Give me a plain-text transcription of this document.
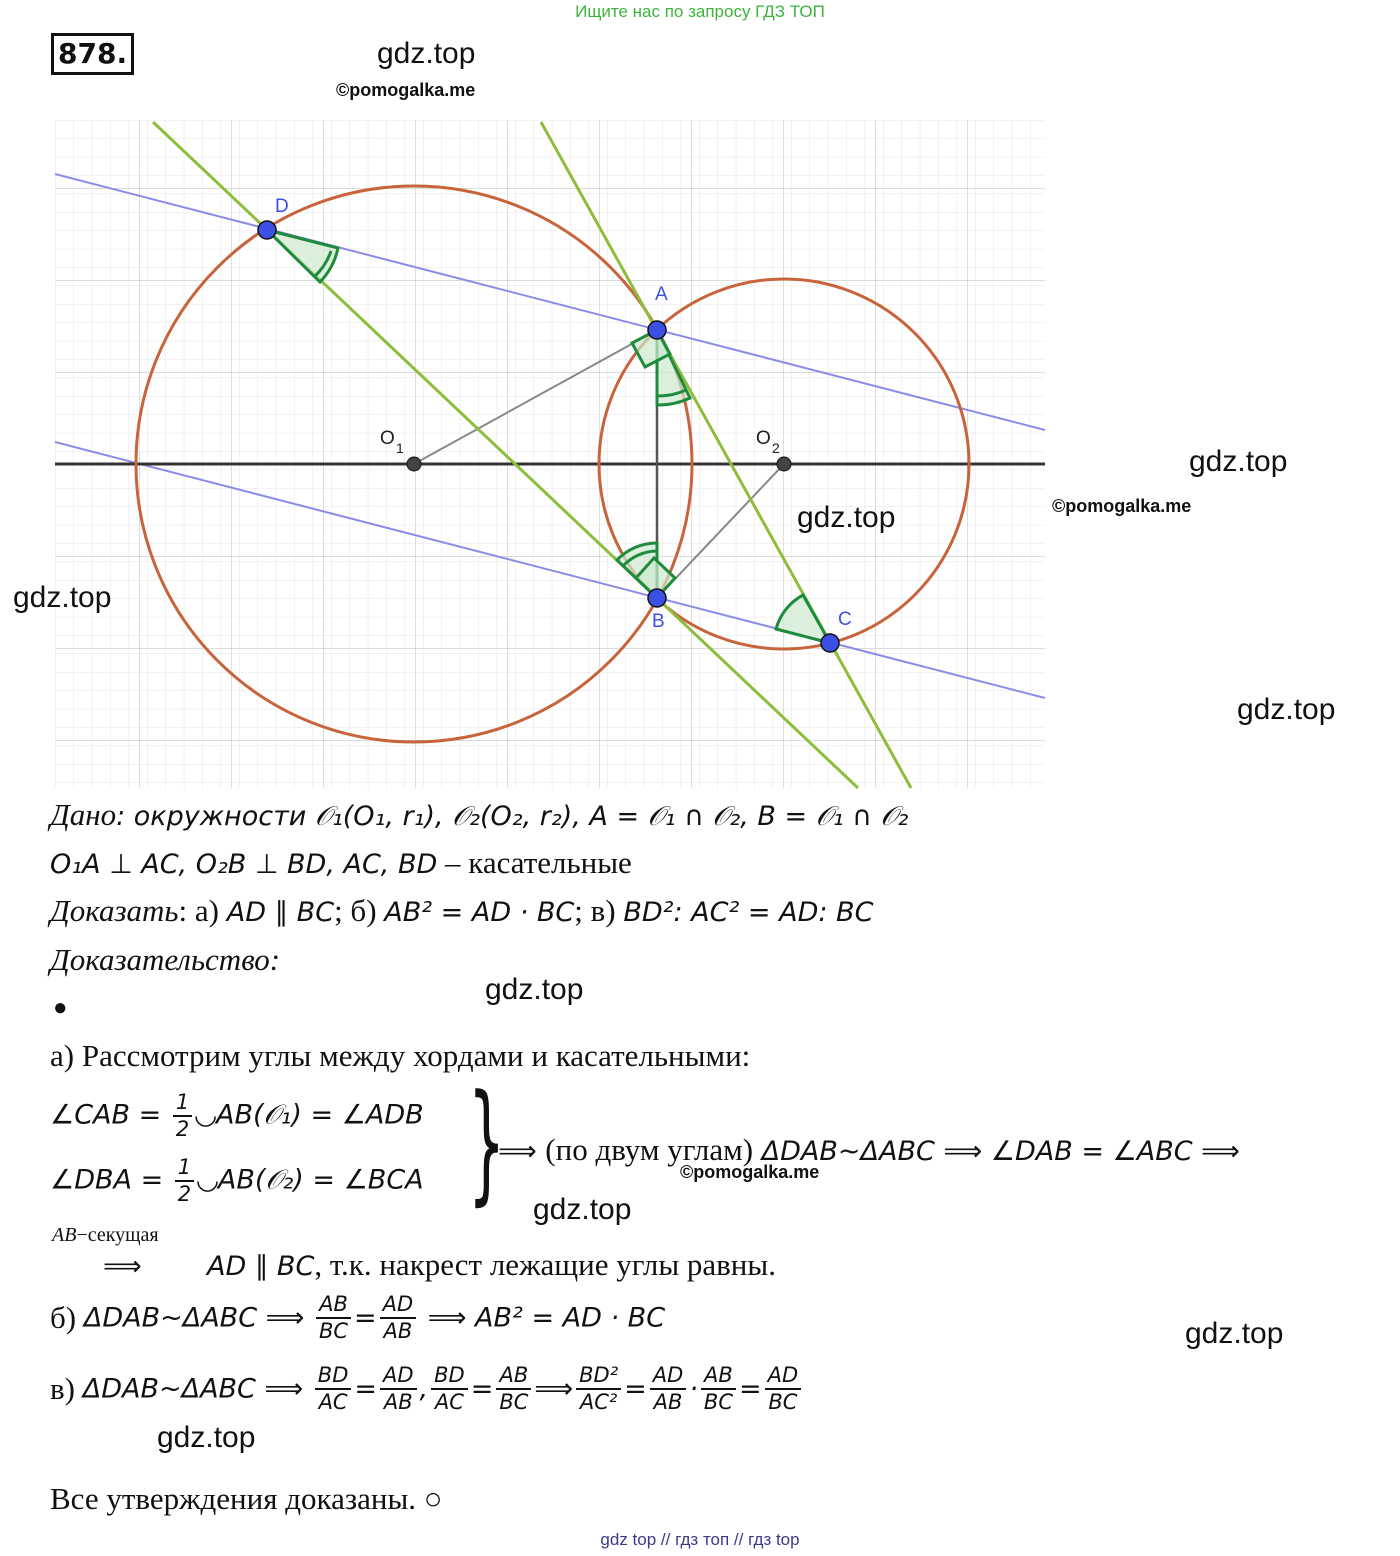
Ищите нас по запросу ГДЗ ТОП
878.	gdz.top
©pomogalka.me
D
A
B	C
O 1	O 2	gdz.top
©pomogalka.me
gdz.top
gdz.top
gdz.top
Дано: окружности 𝒪₁(O₁, r₁), 𝒪₂(O₂, r₂), A = 𝒪₁ ∩ 𝒪₂, B = 𝒪₁ ∩ 𝒪₂
O₁A ⊥ AC, O₂B ⊥ BD, AC, BD – касательные
Доказать: а) AD ∥ BC; б) AB² = AD · BC; в) BD²: AC² = AD: BC
Доказательство:
gdz.top
●
а) Рассмотрим углы между хордами и касательными:
∠CAB = $\frac{1}{2}$ ◡AB(𝒪₁) = ∠ADB
∠DBA = $\frac{1}{2}$ ◡AB(𝒪₂) = ∠BCA }
⟹ (по двум углам) ΔDAB~ΔABC ⟹ ∠DAB = ∠ABC ⟹
©pomogalka.me
gdz.top
AB−секущая
⟹ AD ∥ BC, т.к. накрест лежащие углы равны.
б) ΔDAB~ΔABC ⟹ $\frac{AB}{BC} = \frac{AD}{AB}$ ⟹ AB² = AD · BC	gdz.top
в) ΔDAB~ΔABC ⟹ $\frac{BD}{AC} = \frac{AD}{AB}$ , $\frac{BD}{AC} = \frac{AB}{BC}$ ⟹ $\frac{\text{BD²}}{\text{AC²}} = \frac{AD}{AB} \cdot \frac{AB}{BC} = \frac{AD}{BC}$
gdz.top
Все утверждения доказаны. ○
gdz top // гдз топ // гдз top
